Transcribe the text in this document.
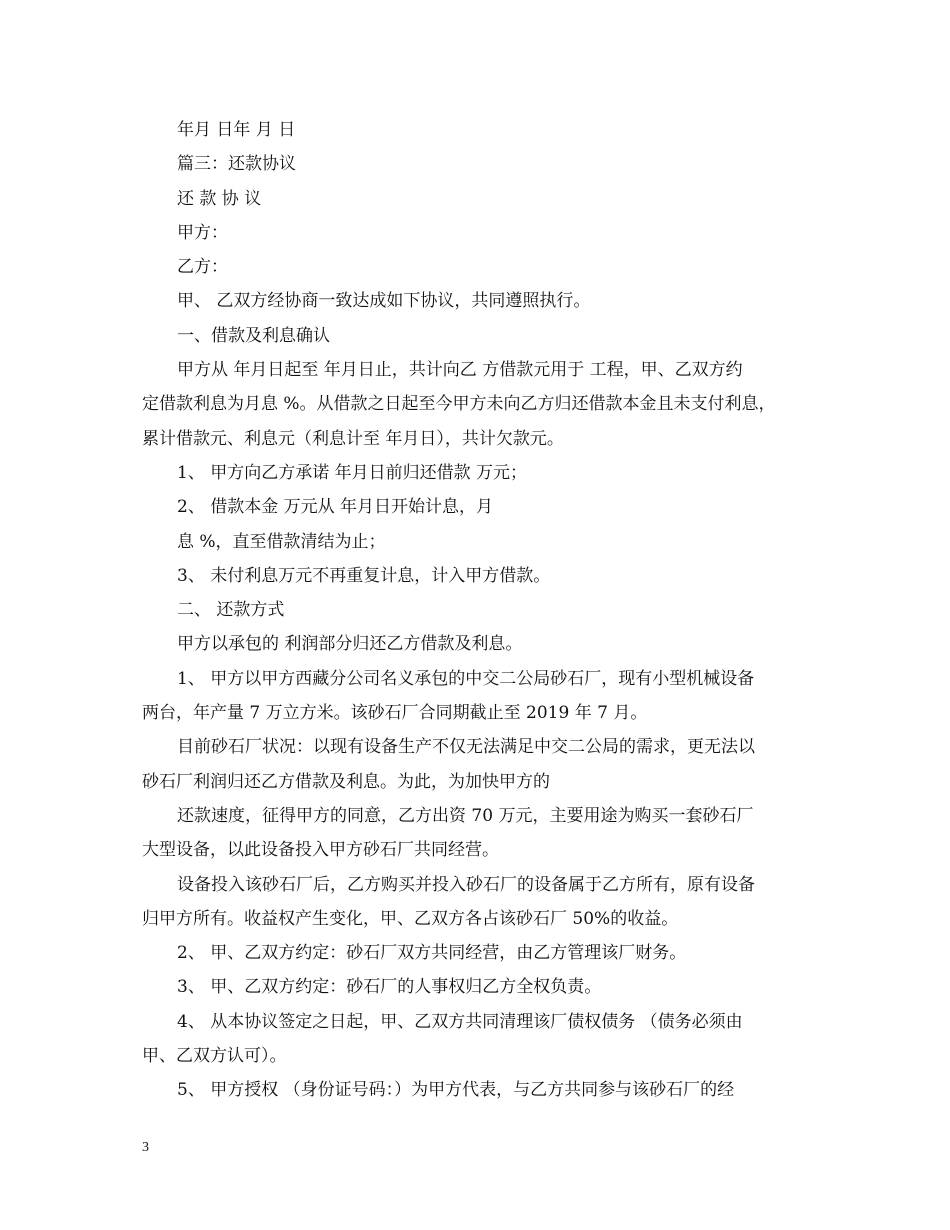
年月 日年 月 日
篇三：还款协议
还 款 协 议
甲方：
乙方：
甲、 乙双方经协商一致达成如下协议，共同遵照执行。
一、借款及利息确认
甲方从 年月日起至 年月日止，共计向乙 方借款元用于 工程，甲、乙双方约
定借款利息为月息 %。从借款之日起至今甲方未向乙方归还借款本金且未支付利息，
累计借款元、利息元（利息计至 年月日），共计欠款元。
1、 甲方向乙方承诺 年月日前归还借款 万元；
2、 借款本金 万元从 年月日开始计息，月
息 %，直至借款清结为止；
3、 未付利息万元不再重复计息，计入甲方借款。
二、 还款方式
甲方以承包的 利润部分归还乙方借款及利息。
1、 甲方以甲方西藏分公司名义承包的中交二公局砂石厂，现有小型机械设备
两台，年产量 7 万立方米。该砂石厂合同期截止至 2019 年 7 月。
目前砂石厂状况：以现有设备生产不仅无法满足中交二公局的需求，更无法以
砂石厂利润归还乙方借款及利息。为此，为加快甲方的
还款速度，征得甲方的同意，乙方出资 70 万元，主要用途为购买一套砂石厂
大型设备，以此设备投入甲方砂石厂共同经营。
设备投入该砂石厂后，乙方购买并投入砂石厂的设备属于乙方所有，原有设备
归甲方所有。收益权产生变化，甲、乙双方各占该砂石厂 50%的收益。
2、 甲、乙双方约定：砂石厂双方共同经营，由乙方管理该厂财务。
3、 甲、乙双方约定：砂石厂的人事权归乙方全权负责。
4、 从本协议签定之日起，甲、乙双方共同清理该厂债权债务 （债务必须由
甲、乙双方认可）。
5、 甲方授权 （身份证号码：）为甲方代表，与乙方共同参与该砂石厂的经
3
